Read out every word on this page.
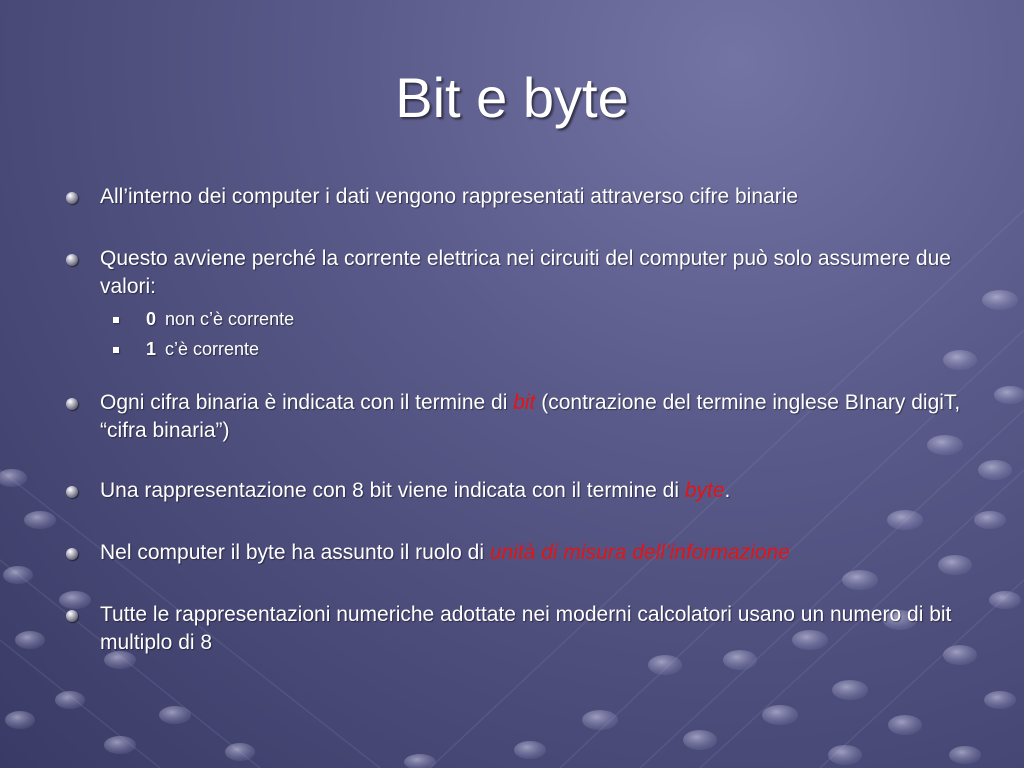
Bit e byte
All’interno dei computer i dati vengono rappresentati attraverso cifre binarie
Questo avviene perché la corrente elettrica nei circuiti del computer può solo assumere due valori:
0 non c’è corrente
1 c’è corrente
Ogni cifra binaria è indicata con il termine di bit (contrazione del termine inglese BInary digiT, “cifra binaria”)
Una rappresentazione con 8 bit viene indicata con il termine di byte.
Nel computer il byte ha assunto il ruolo di unità di misura dell’informazione
Tutte le rappresentazioni numeriche adottate nei moderni calcolatori usano un numero di bit multiplo di 8
